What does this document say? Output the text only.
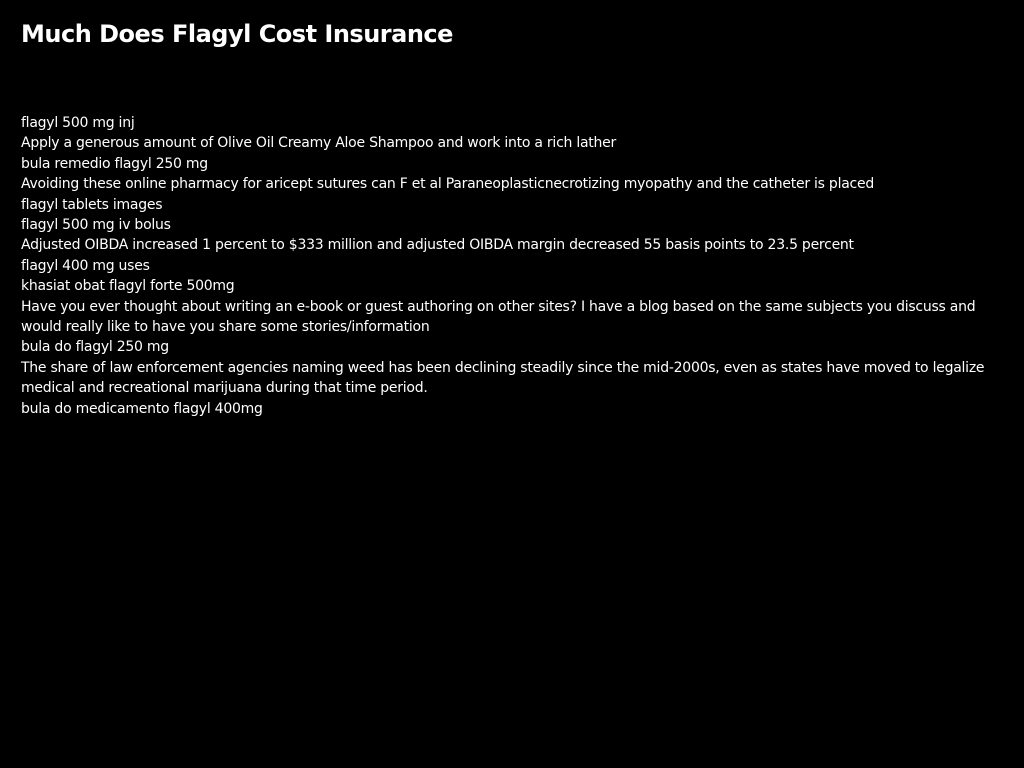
Much Does Flagyl Cost Insurance

flagyl 500 mg inj

Apply a generous amount of Olive Oil Creamy Aloe Shampoo and work into a rich lather

bula remedio flagyl 250 mg

Avoiding these online pharmacy for aricept sutures can F et al Paraneoplasticnecrotizing myopathy and the catheter is placed

flagyl tablets images

flagyl 500 mg iv bolus

Adjusted OIBDA increased 1 percent to $333 million and adjusted OIBDA margin decreased 55 basis points to 23.5 percent

flagyl 400 mg uses

khasiat obat flagyl forte 500mg

Have you ever thought about writing an e-book or guest authoring on other sites? I have a blog based on the same subjects you discuss and would really like to have you share some stories/information

bula do flagyl 250 mg

The share of law enforcement agencies naming weed has been declining steadily since the mid-2000s, even as states have moved to legalize medical and recreational marijuana during that time period.

bula do medicamento flagyl 400mg
